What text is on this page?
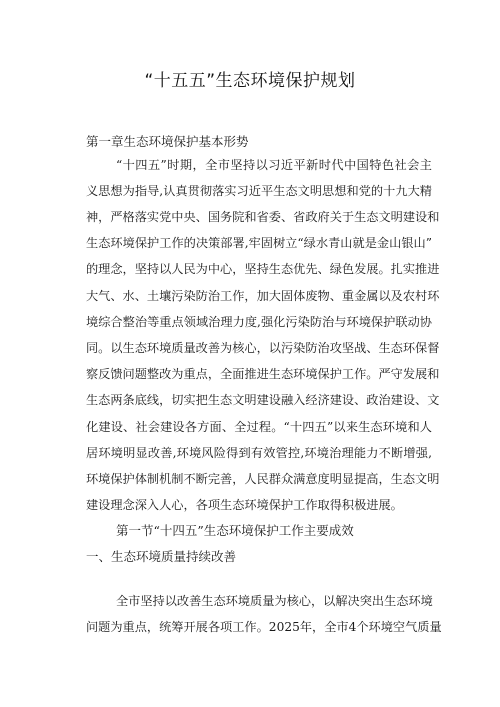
“十五五”生态环境保护规划
第一章生态环境保护基本形势
“十四五”时期，全市坚持以习近平新时代中国特色社会主
义思想为指导,认真贯彻落实习近平生态文明思想和党的十九大精
神，严格落实党中央、国务院和省委、省政府关于生态文明建设和
生态环境保护工作的决策部署,牢固树立“绿水青山就是金山银山”
的理念，坚持以人民为中心，坚持生态优先、绿色发展。扎实推进
大气、水、土壤污染防治工作，加大固体废物、重金属以及农村环
境综合整治等重点领域治理力度,强化污染防治与环境保护联动协
同。以生态环境质量改善为核心，以污染防治攻坚战、生态环保督
察反馈问题整改为重点，全面推进生态环境保护工作。严守发展和
生态两条底线，切实把生态文明建设融入经济建设、政治建设、文
化建设、社会建设各方面、全过程。“十四五”以来生态环境和人
居环境明显改善,环境风险得到有效管控,环境治理能力不断增强,
环境保护体制机制不断完善，人民群众满意度明显提高，生态文明
建设理念深入人心，各项生态环境保护工作取得积极进展。
第一节“十四五”生态环境保护工作主要成效
一、生态环境质量持续改善
全市坚持以改善生态环境质量为核心，以解决突出生态环境
问题为重点，统筹开展各项工作。2025年，全市4个环境空气质量
